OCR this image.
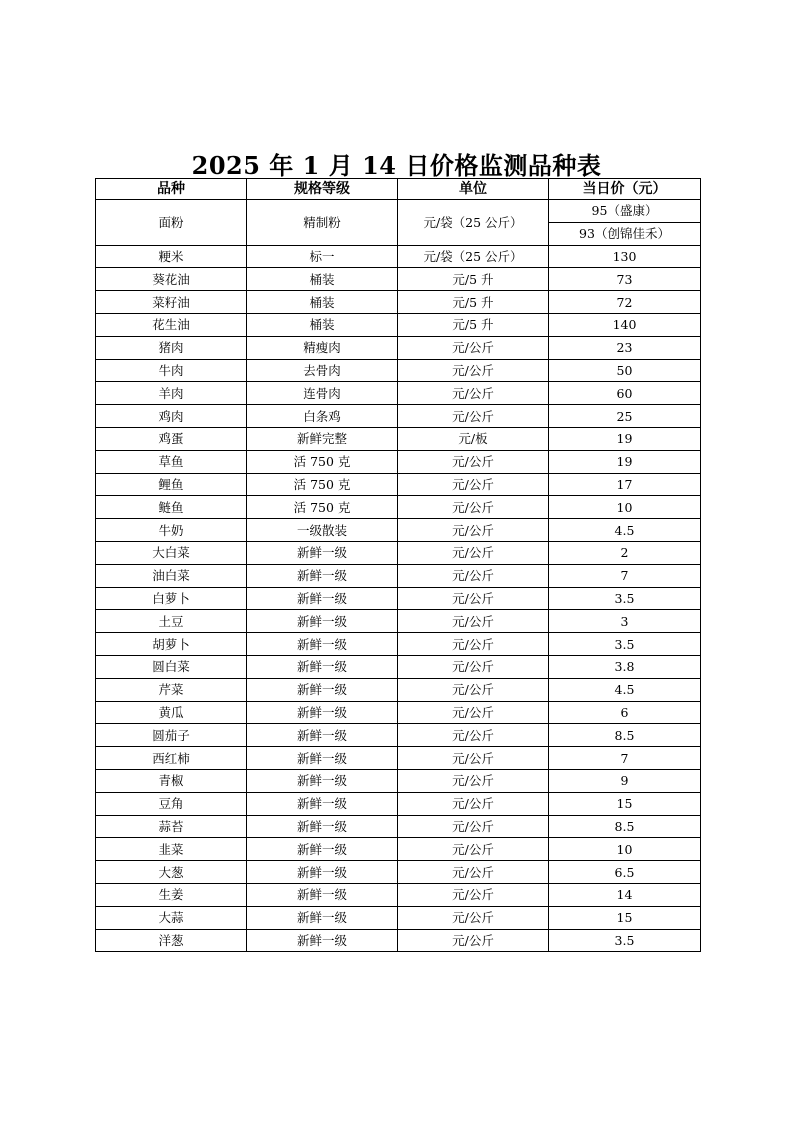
2025 年 1 月 14 日价格监测品种表
品种	规格等级	单位	当日价（元）
面粉	精制粉	元/袋（25 公斤）	95（盛康）
			93（创锦佳禾）
粳米	标一	元/袋（25 公斤）	130
葵花油	桶装	元/5 升	73
菜籽油	桶装	元/5 升	72
花生油	桶装	元/5 升	140
猪肉	精瘦肉	元/公斤	23
牛肉	去骨肉	元/公斤	50
羊肉	连骨肉	元/公斤	60
鸡肉	白条鸡	元/公斤	25
鸡蛋	新鲜完整	元/板	19
草鱼	活 750 克	元/公斤	19
鲤鱼	活 750 克	元/公斤	17
鲢鱼	活 750 克	元/公斤	10
牛奶	一级散装	元/公斤	4.5
大白菜	新鲜一级	元/公斤	2
油白菜	新鲜一级	元/公斤	7
白萝卜	新鲜一级	元/公斤	3.5
土豆	新鲜一级	元/公斤	3
胡萝卜	新鲜一级	元/公斤	3.5
圆白菜	新鲜一级	元/公斤	3.8
芹菜	新鲜一级	元/公斤	4.5
黄瓜	新鲜一级	元/公斤	6
圆茄子	新鲜一级	元/公斤	8.5
西红柿	新鲜一级	元/公斤	7
青椒	新鲜一级	元/公斤	9
豆角	新鲜一级	元/公斤	15
蒜苔	新鲜一级	元/公斤	8.5
韭菜	新鲜一级	元/公斤	10
大葱	新鲜一级	元/公斤	6.5
生姜	新鲜一级	元/公斤	14
大蒜	新鲜一级	元/公斤	15
洋葱	新鲜一级	元/公斤	3.5
